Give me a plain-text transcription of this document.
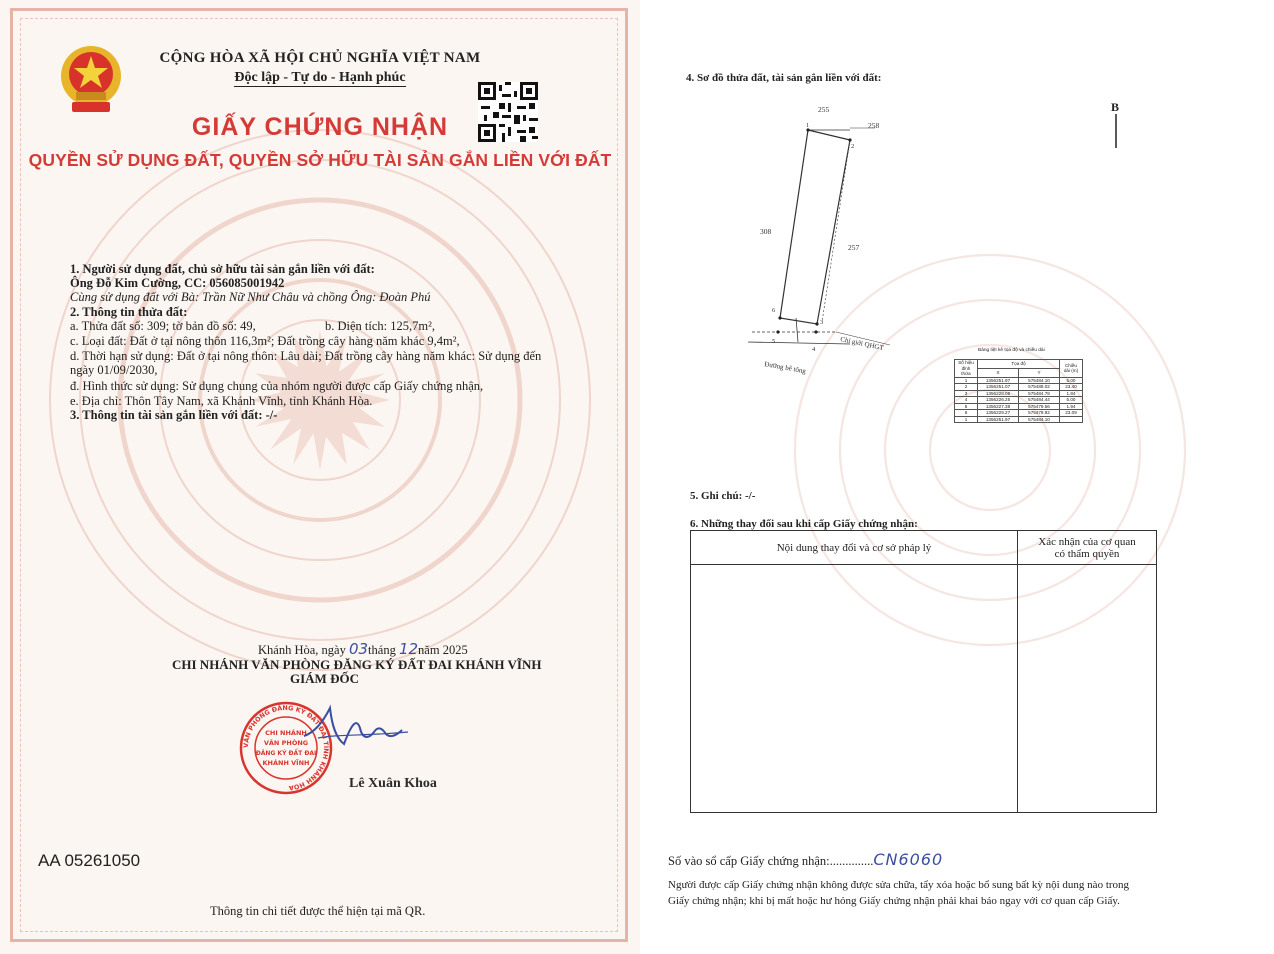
CỘNG HÒA XÃ HỘI CHỦ NGHĨA VIỆT NAM
Độc lập - Tự do - Hạnh phúc
GIẤY CHỨNG NHẬN
QUYỀN SỬ DỤNG ĐẤT, QUYỀN SỞ HỮU TÀI SẢN GẮN LIỀN VỚI ĐẤT
1. Người sử dụng đất, chủ sở hữu tài sản gắn liền với đất:
Ông Đỗ Kim Cường, CC: 056085001942
Cùng sử dụng đất với Bà: Trần Nữ Như Châu và chồng Ông: Đoàn Phú
2. Thông tin thửa đất:
a. Thửa đất số: 309; tờ bản đồ số: 49,	b. Diện tích: 125,7m²,
c. Loại đất: Đất ở tại nông thôn 116,3m²; Đất trồng cây hàng năm khác 9,4m²,
d. Thời hạn sử dụng: Đất ở tại nông thôn: Lâu dài; Đất trồng cây hàng năm khác: Sử dụng đến
ngày 01/09/2030,
đ. Hình thức sử dụng: Sử dụng chung của nhóm người được cấp Giấy chứng nhận,
e. Địa chỉ: Thôn Tây Nam, xã Khánh Vĩnh, tỉnh Khánh Hòa.
3. Thông tin tài sản gắn liền với đất: -/-
Khánh Hòa, ngày 03tháng 12năm 2025
CHI NHÁNH VĂN PHÒNG ĐĂNG KÝ ĐẤT ĐAI KHÁNH VĨNH
GIÁM ĐỐC
VĂN PHÒNG ĐĂNG KÝ ĐẤT ĐAI TỈNH KHÁNH HÒA
CHI NHÁNH
VĂN PHÒNG
ĐĂNG KÝ ĐẤT ĐAI
KHÁNH VĨNH
Lê Xuân Khoa
AA 05261050
Thông tin chi tiết được thể hiện tại mã QR.
4. Sơ đồ thửa đất, tài sản gắn liền với đất:
1
2
3
4
5
6
255
258
308
257
Chỉ giới QHGT
Đường bê tông
B
Bảng liệt kê tọa độ và chiều dài
Số hiệu đỉnh thửa	Tọa độ		Chiều dài (m)
	X	Y	
1	1356251.97	575484.10	5.00
2	1356251.07	575489.02	23.40
3	1356228.06	575484.78	1.84
4	1356226.25	575484.44	5.00
5	1356227.38	575479.56	1.94
6	1356229.27	575479.92	23.09
1	1356251.97	575484.10	
5. Ghi chú: -/-
6. Những thay đổi sau khi cấp Giấy chứng nhận:
Nội dung thay đổi và cơ sở pháp lý	Xác nhận của cơ quan
có thẩm quyền

Số vào sổ cấp Giấy chứng nhận:..............CN6060
Người được cấp Giấy chứng nhận không được sửa chữa, tẩy xóa hoặc bổ sung bất kỳ nội dung nào trong
Giấy chứng nhận; khi bị mất hoặc hư hỏng Giấy chứng nhận phải khai báo ngay với cơ quan cấp Giấy.
